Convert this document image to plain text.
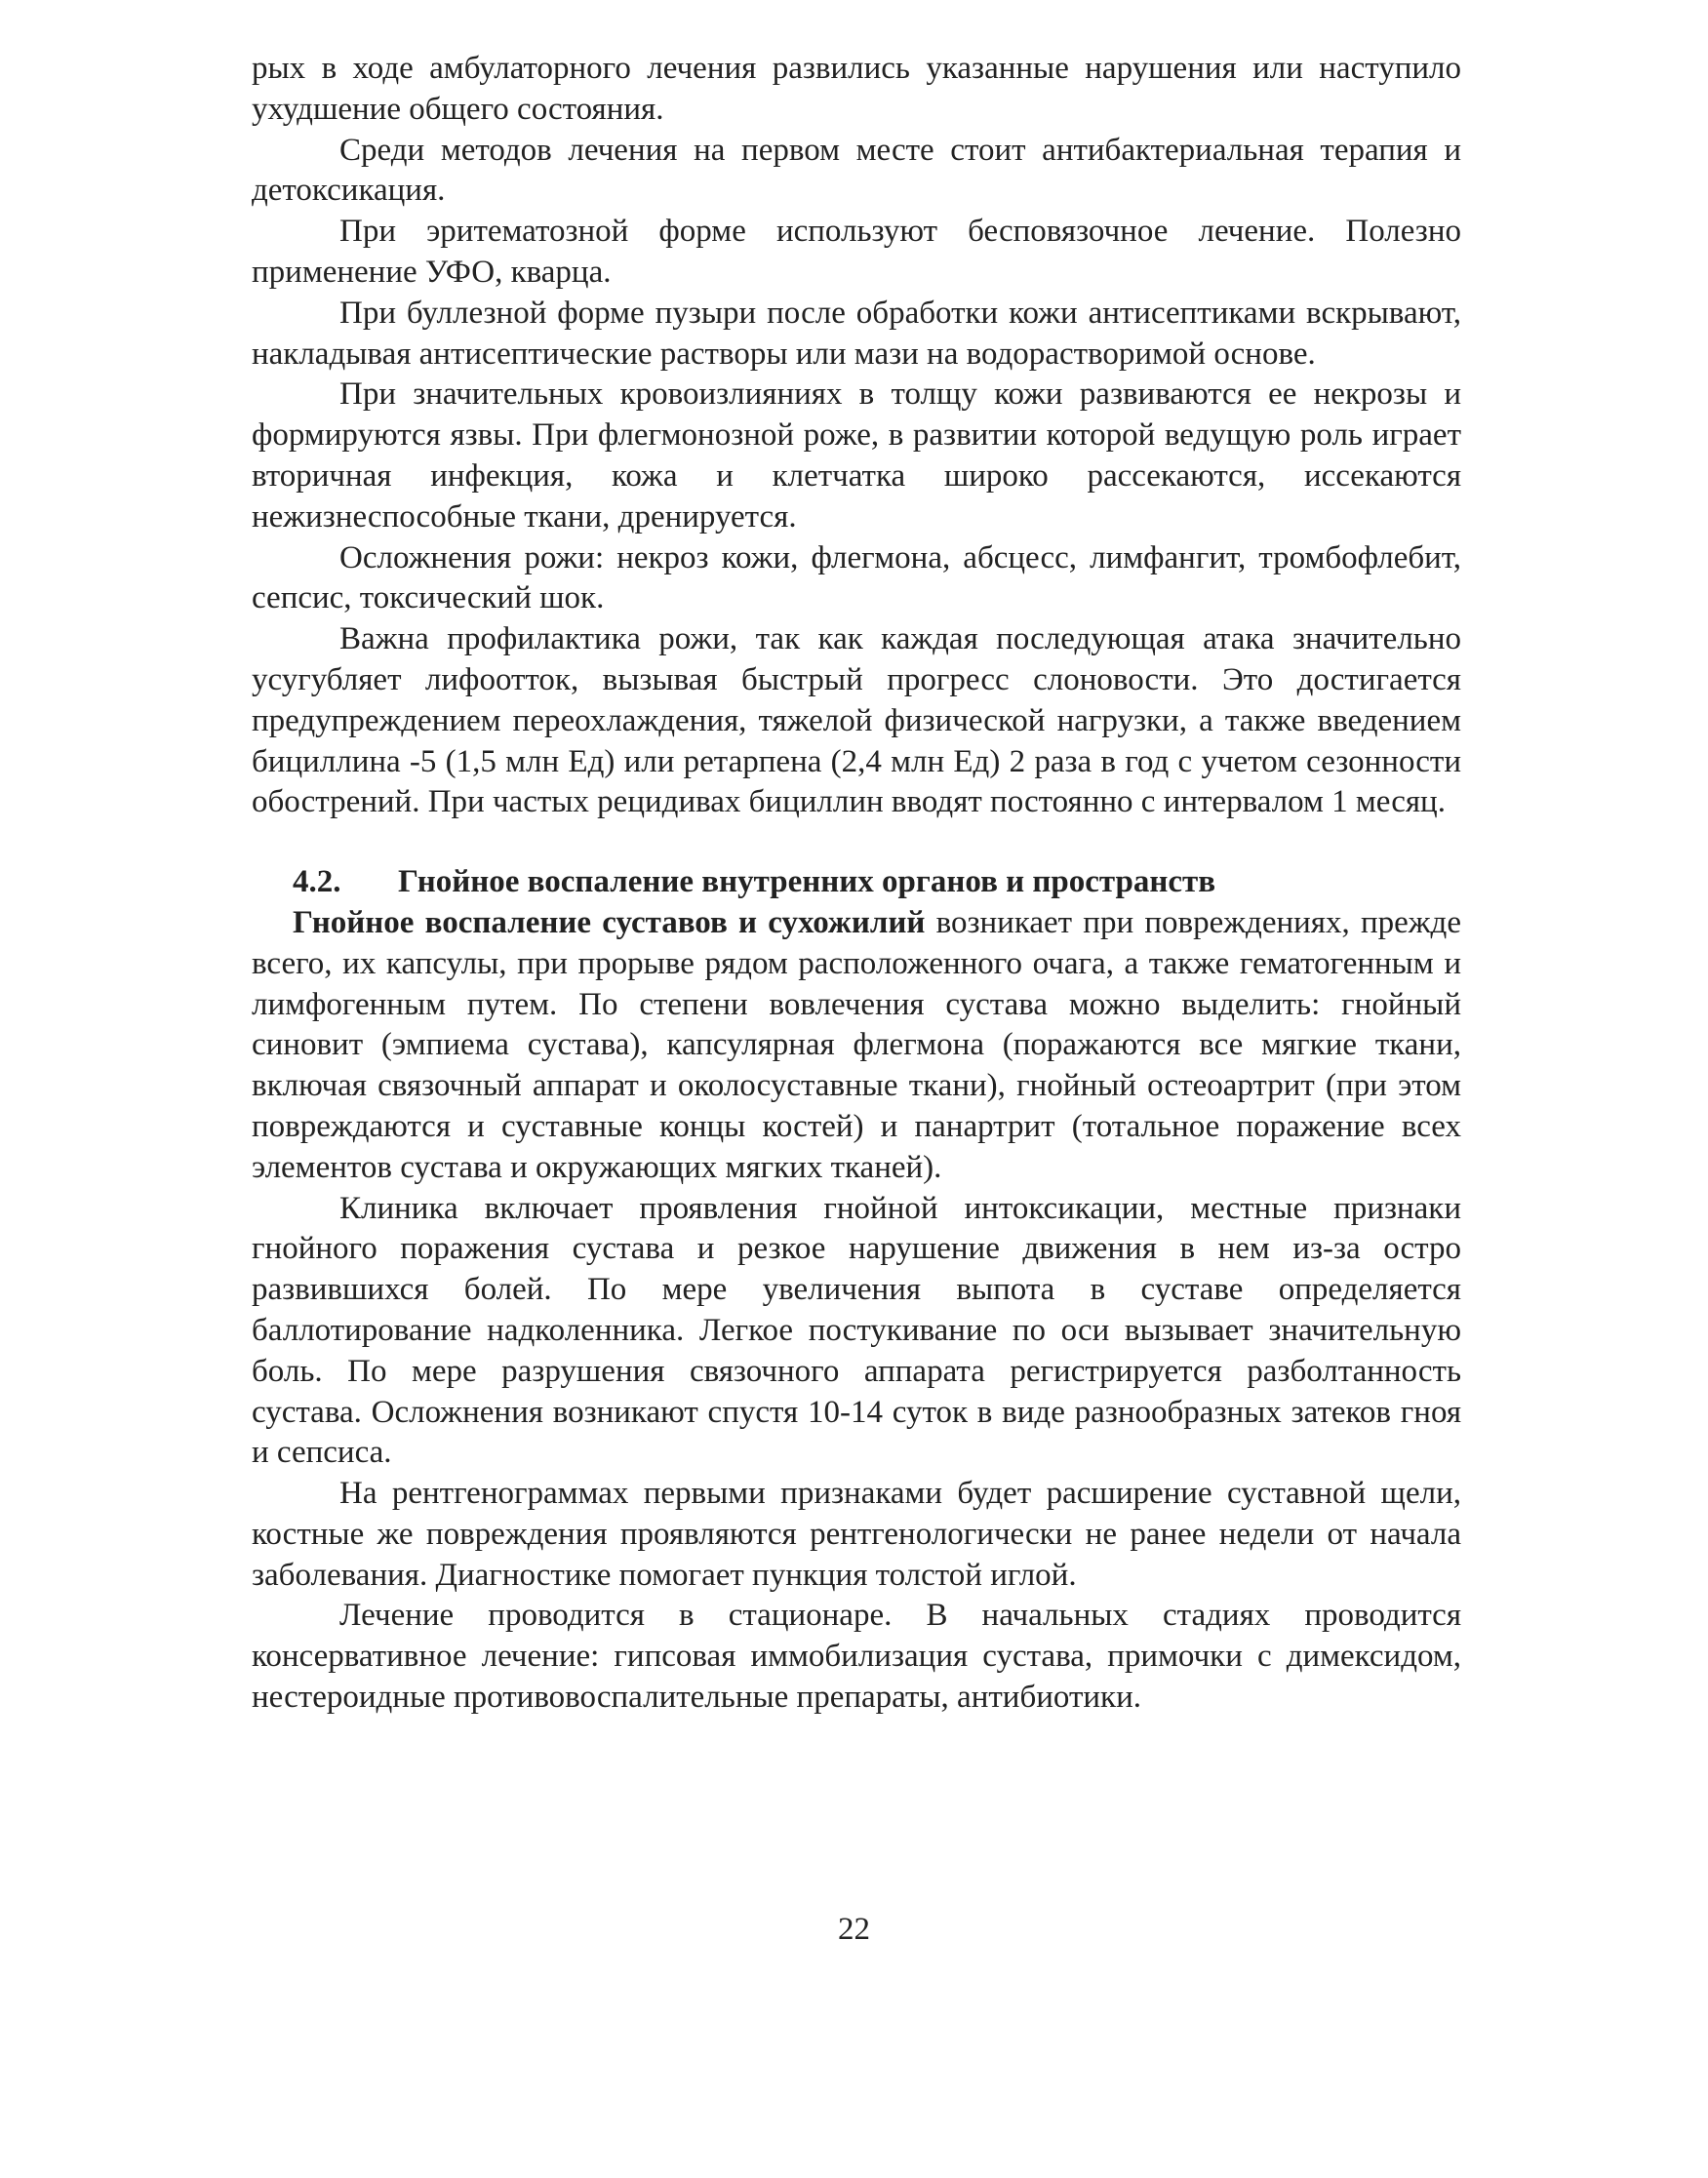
рых в ходе амбулаторного лечения развились указанные нарушения или наступило ухудшение общего состояния.

Среди методов лечения на первом месте стоит антибактериальная терапия и детоксикация.

При эритематозной форме используют бесповязочное лечение. Полезно применение УФО, кварца.

При буллезной форме пузыри после обработки кожи антисептиками вскрывают, накладывая антисептические растворы или мази на водорастворимой основе.

При значительных кровоизлияниях в толщу кожи развиваются ее некрозы и формируются язвы. При флегмонозной роже, в развитии которой ведущую роль играет вторичная инфекция, кожа и клетчатка широко рассекаются, иссекаются нежизнеспособные ткани, дренируется.

Осложнения рожи: некроз кожи, флегмона, абсцесс, лимфангит, тромбофлебит, сепсис, токсический шок.

Важна профилактика рожи, так как каждая последующая атака значительно усугубляет лифоотток, вызывая быстрый прогресс слоновости. Это достигается предупреждением переохлаждения, тяжелой физической нагрузки, а также введением бициллина -5 (1,5 млн Ед) или ретарпена (2,4 млн Ед) 2 раза в год с учетом сезонности обострений. При частых рецидивах бициллин вводят постоянно с интервалом 1 месяц.

4.2. Гнойное воспаление внутренних органов и пространств

Гнойное воспаление суставов и сухожилий возникает при повреждениях, прежде всего, их капсулы, при прорыве рядом расположенного очага, а также гематогенным и лимфогенным путем. По степени вовлечения сустава можно выделить: гнойный синовит (эмпиема сустава), капсулярная флегмона (поражаются все мягкие ткани, включая связочный аппарат и околосуставные ткани), гнойный остеоартрит (при этом повреждаются и суставные концы костей) и панартрит (тотальное поражение всех элементов сустава и окружающих мягких тканей).

Клиника включает проявления гнойной интоксикации, местные признаки гнойного поражения сустава и резкое нарушение движения в нем из-за остро развившихся болей. По мере увеличения выпота в суставе определяется баллотирование надколенника. Легкое постукивание по оси вызывает значительную боль. По мере разрушения связочного аппарата регистрируется разболтанность сустава. Осложнения возникают спустя 10-14 суток в виде разнообразных затеков гноя и сепсиса.

На рентгенограммах первыми признаками будет расширение суставной щели, костные же повреждения проявляются рентгенологически не ранее недели от начала заболевания. Диагностике помогает пункция толстой иглой.

Лечение проводится в стационаре. В начальных стадиях проводится консервативное лечение: гипсовая иммобилизация сустава, примочки с димексидом, нестероидные противовоспалительные препараты, антибиотики.

22
